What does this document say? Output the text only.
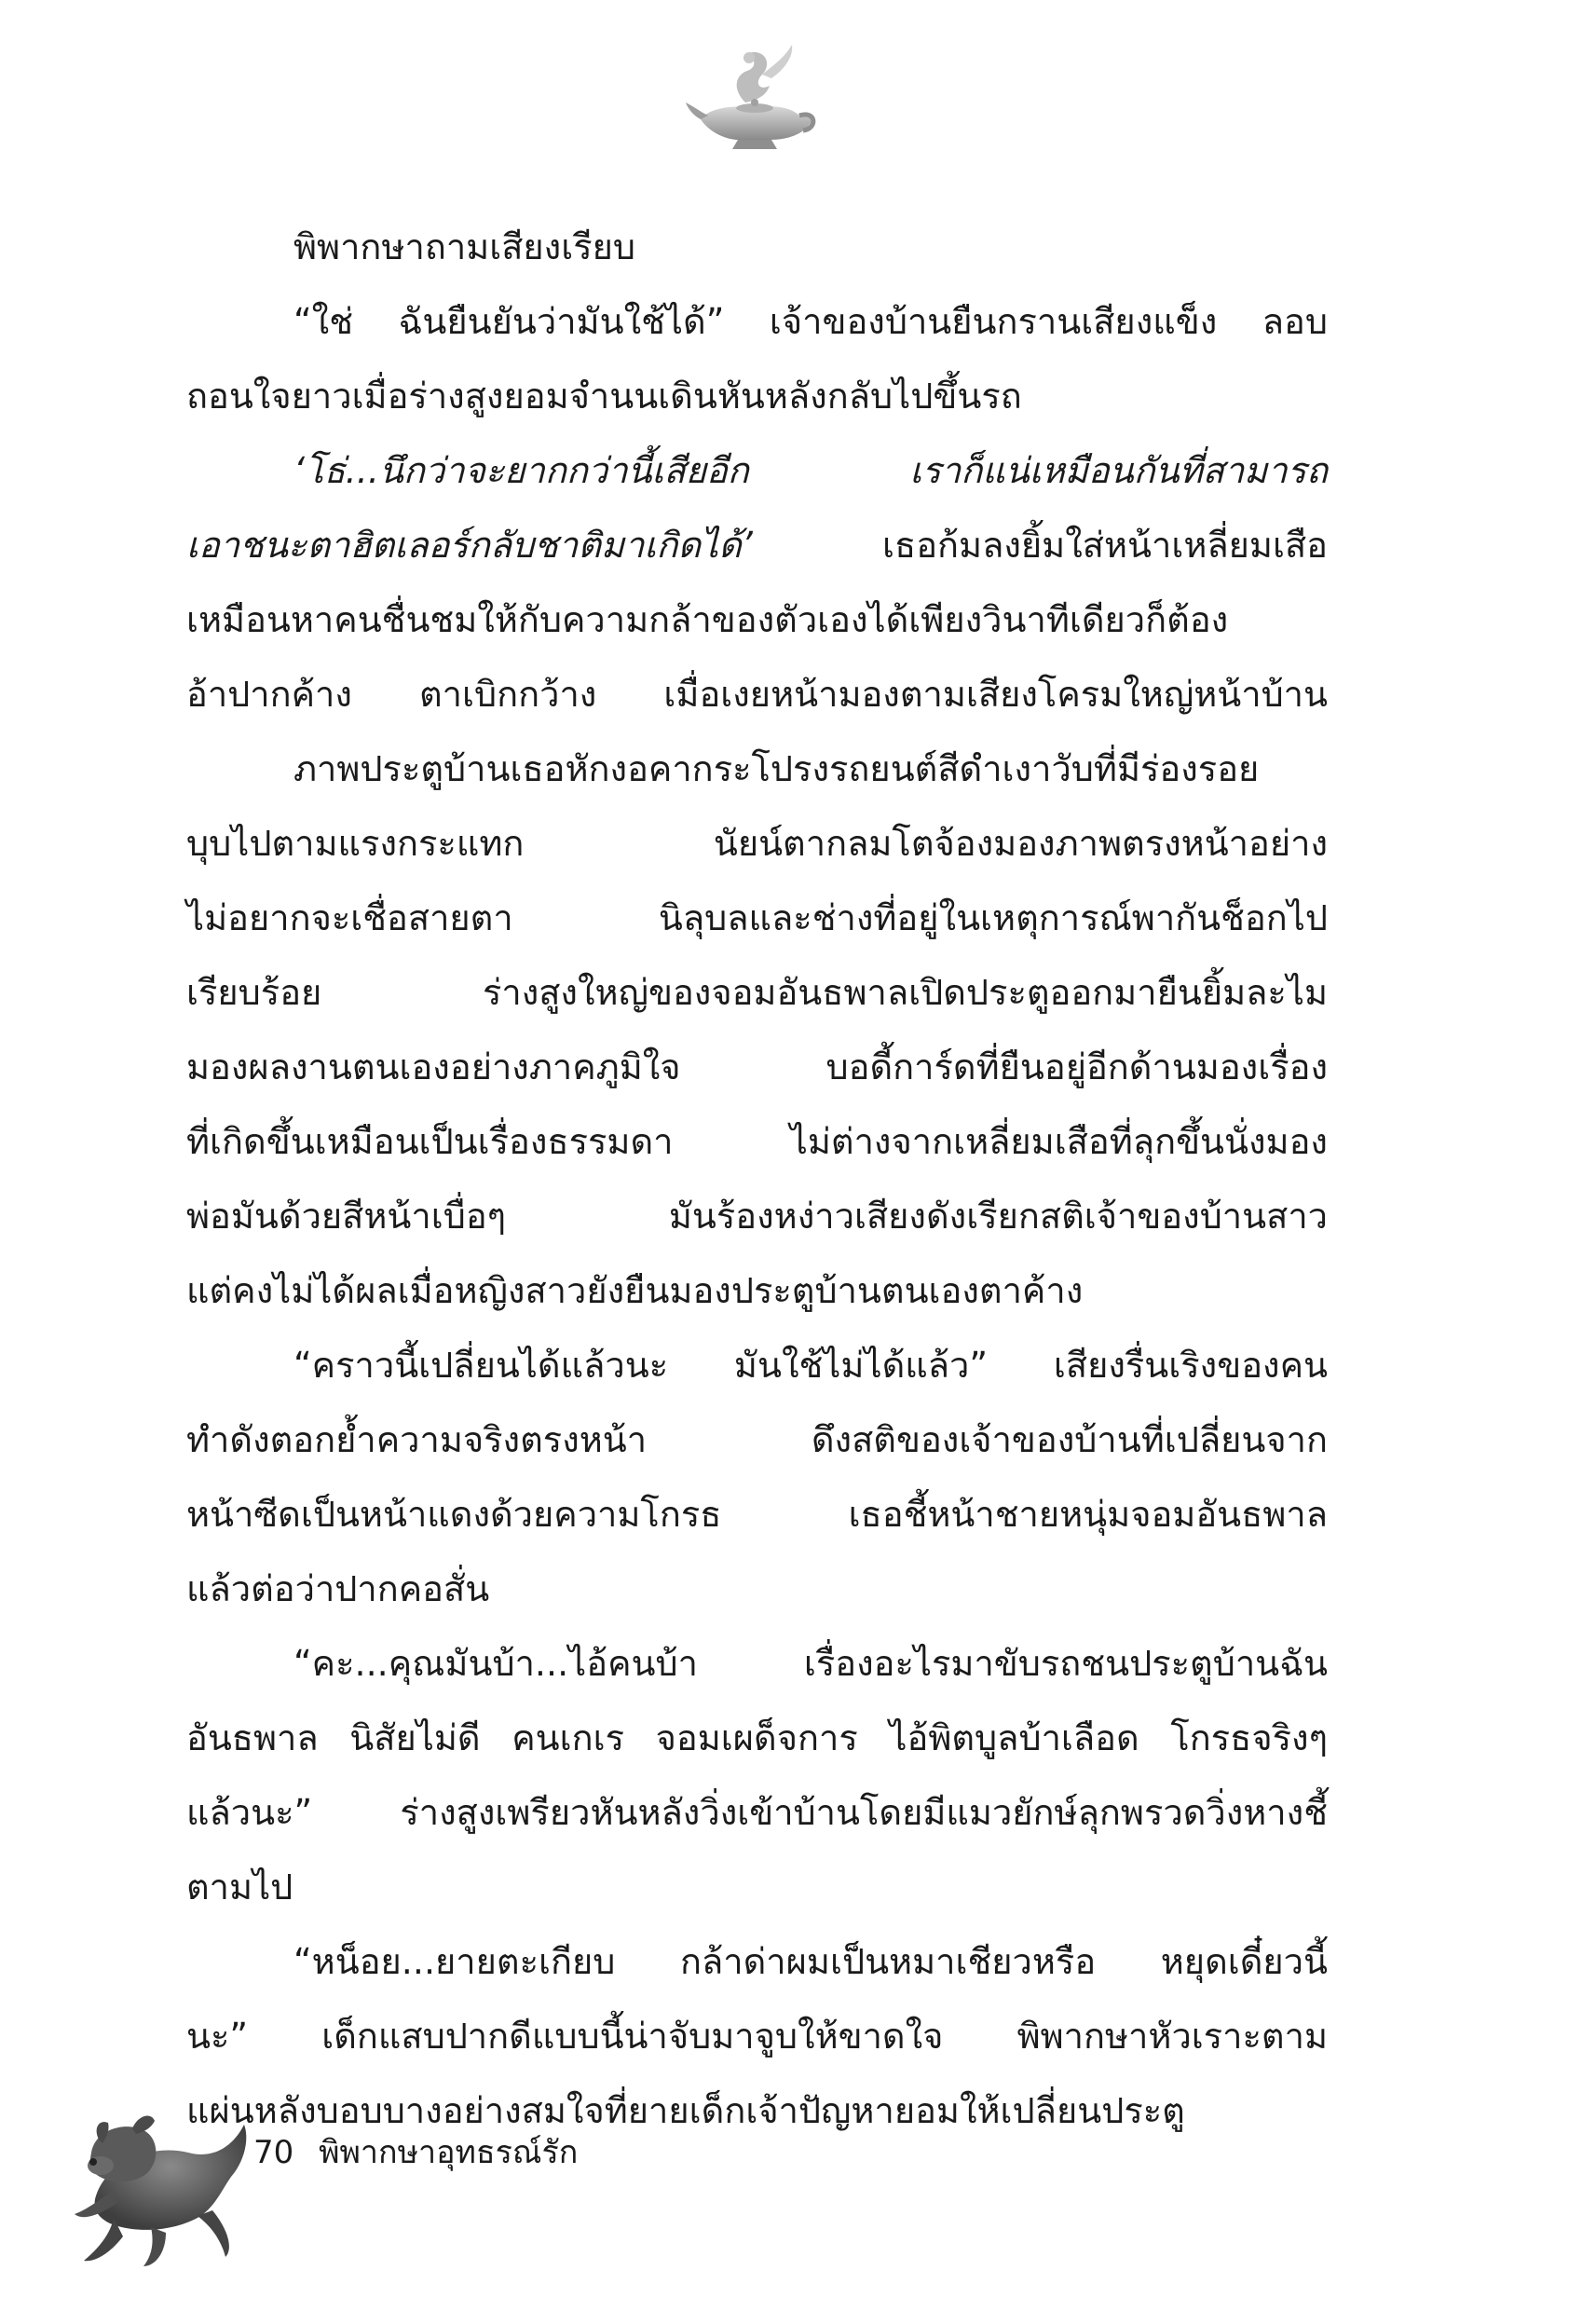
พิพากษาถามเสียงเรียบ
“ใช่ ฉันยืนยันว่ามันใช้ได้” เจ้าของบ้านยืนกรานเสียงแข็ง ลอบ
ถอนใจยาวเมื่อร่างสูงยอมจำนนเดินหันหลังกลับไปขึ้นรถ
‘โธ่...นึกว่าจะยากกว่านี้เสียอีก เราก็แน่เหมือนกันที่สามารถ
เอาชนะตาฮิตเลอร์กลับชาติมาเกิดได้’ เธอก้มลงยิ้มใส่หน้าเหลี่ยมเสือ
เหมือนหาคนชื่นชมให้กับความกล้าของตัวเองได้เพียงวินาทีเดียวก็ต้อง
อ้าปากค้าง ตาเบิกกว้าง เมื่อเงยหน้ามองตามเสียงโครมใหญ่หน้าบ้าน
ภาพประตูบ้านเธอหักงอคากระโปรงรถยนต์สีดำเงาวับที่มีร่องรอย
บุบไปตามแรงกระแทก นัยน์ตากลมโตจ้องมองภาพตรงหน้าอย่าง
ไม่อยากจะเชื่อสายตา นิลุบลและช่างที่อยู่ในเหตุการณ์พากันช็อกไป
เรียบร้อย ร่างสูงใหญ่ของจอมอันธพาลเปิดประตูออกมายืนยิ้มละไม
มองผลงานตนเองอย่างภาคภูมิใจ บอดี้การ์ดที่ยืนอยู่อีกด้านมองเรื่อง
ที่เกิดขึ้นเหมือนเป็นเรื่องธรรมดา ไม่ต่างจากเหลี่ยมเสือที่ลุกขึ้นนั่งมอง
พ่อมันด้วยสีหน้าเบื่อๆ มันร้องหง่าวเสียงดังเรียกสติเจ้าของบ้านสาว
แต่คงไม่ได้ผลเมื่อหญิงสาวยังยืนมองประตูบ้านตนเองตาค้าง
“คราวนี้เปลี่ยนได้แล้วนะ มันใช้ไม่ได้แล้ว” เสียงรื่นเริงของคน
ทำดังตอกย้ำความจริงตรงหน้า ดึงสติของเจ้าของบ้านที่เปลี่ยนจาก
หน้าซีดเป็นหน้าแดงด้วยความโกรธ เธอชี้หน้าชายหนุ่มจอมอันธพาล
แล้วต่อว่าปากคอสั่น
“คะ...คุณมันบ้า...ไอ้คนบ้า เรื่องอะไรมาขับรถชนประตูบ้านฉัน
อันธพาล นิสัยไม่ดี คนเกเร จอมเผด็จการ ไอ้พิตบูลบ้าเลือด โกรธจริงๆ
แล้วนะ” ร่างสูงเพรียวหันหลังวิ่งเข้าบ้านโดยมีแมวยักษ์ลุกพรวดวิ่งหางชี้
ตามไป
“หน็อย...ยายตะเกียบ กล้าด่าผมเป็นหมาเชียวหรือ หยุดเดี๋ยวนี้
นะ” เด็กแสบปากดีแบบนี้น่าจับมาจูบให้ขาดใจ พิพากษาหัวเราะตาม
แผ่นหลังบอบบางอย่างสมใจที่ยายเด็กเจ้าปัญหายอมให้เปลี่ยนประตู
70 พิพากษาอุทธรณ์รัก
